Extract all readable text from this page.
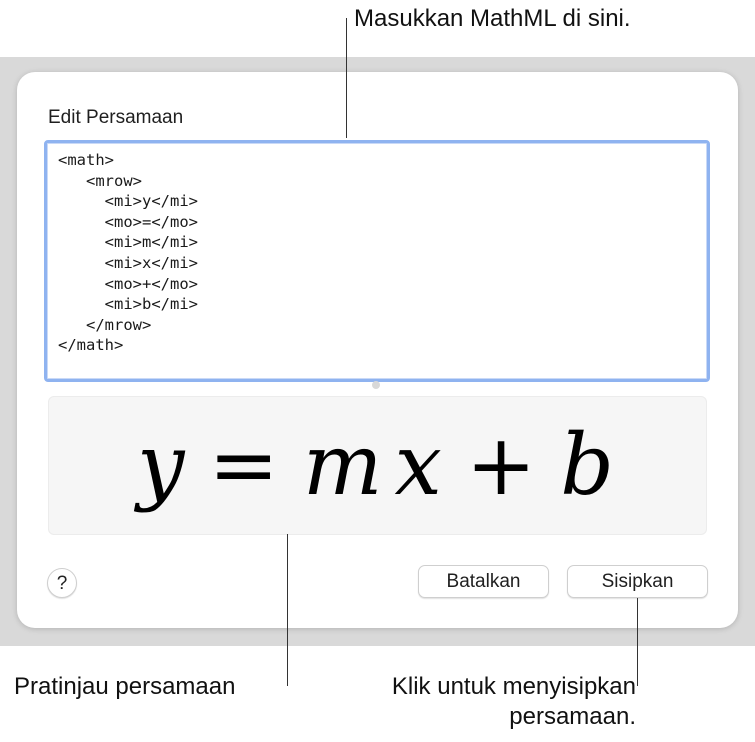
Edit Persamaan
<math>
<mrow>
<mi>y</mi>
<mo>=</mo>
<mi>m</mi>
<mi>x</mi>
<mo>+</mo>
<mi>b</mi>
</mrow>
</math>
y = m x + b
?	Batalkan	Sisipkan
Masukkan MathML di sini.
Pratinjau persamaan	Klik untuk menyisipkan
persamaan.
